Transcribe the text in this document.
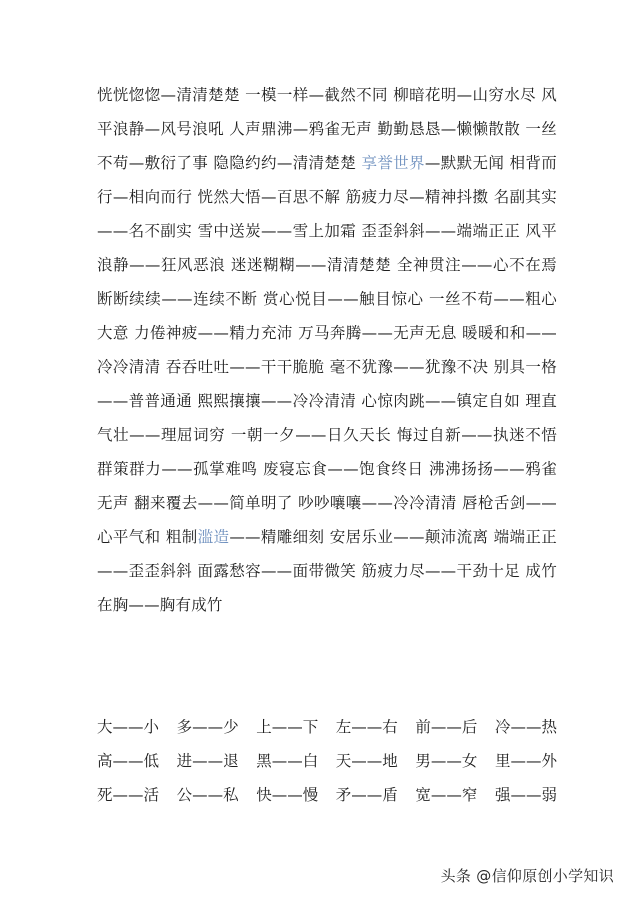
恍恍惚惚—清清楚楚 一模一样—截然不同 柳暗花明—山穷水尽 风平浪静—风号浪吼 人声鼎沸—鸦雀无声 勤勤恳恳—懒懒散散 一丝不苟—敷衍了事 隐隐约约—清清楚楚 享誉世界—默默无闻 相背而行—相向而行 恍然大悟—百思不解 筋疲力尽—精神抖擞 名副其实——名不副实 雪中送炭——雪上加霜 歪歪斜斜——端端正正 风平浪静——狂风恶浪 迷迷糊糊——清清楚楚 全神贯注——心不在焉 断断续续——连续不断 赏心悦目——触目惊心 一丝不苟——粗心大意 力倦神疲——精力充沛 万马奔腾——无声无息 暖暖和和——冷冷清清 吞吞吐吐——干干脆脆 毫不犹豫——犹豫不决 别具一格——普普通通 熙熙攘攘——冷冷清清 心惊肉跳——镇定自如 理直气壮——理屈词穷 一朝一夕——日久天长 悔过自新——执迷不悟 群策群力——孤掌难鸣 废寝忘食——饱食终日 沸沸扬扬——鸦雀无声 翻来覆去——简单明了 吵吵嚷嚷——冷冷清清 唇枪舌剑——心平气和 粗制滥造——精雕细刻 安居乐业——颠沛流离 端端正正——歪歪斜斜 面露愁容——面带微笑 筋疲力尽——干劲十足 成竹在胸——胸有成竹
大——小 多——少 上——下 左——右 前——后 冷——热
高——低 进——退 黑——白 天——地 男——女 里——外
死——活 公——私 快——慢 矛——盾 宽——窄 强——弱
头条 @信仰原创小学知识
